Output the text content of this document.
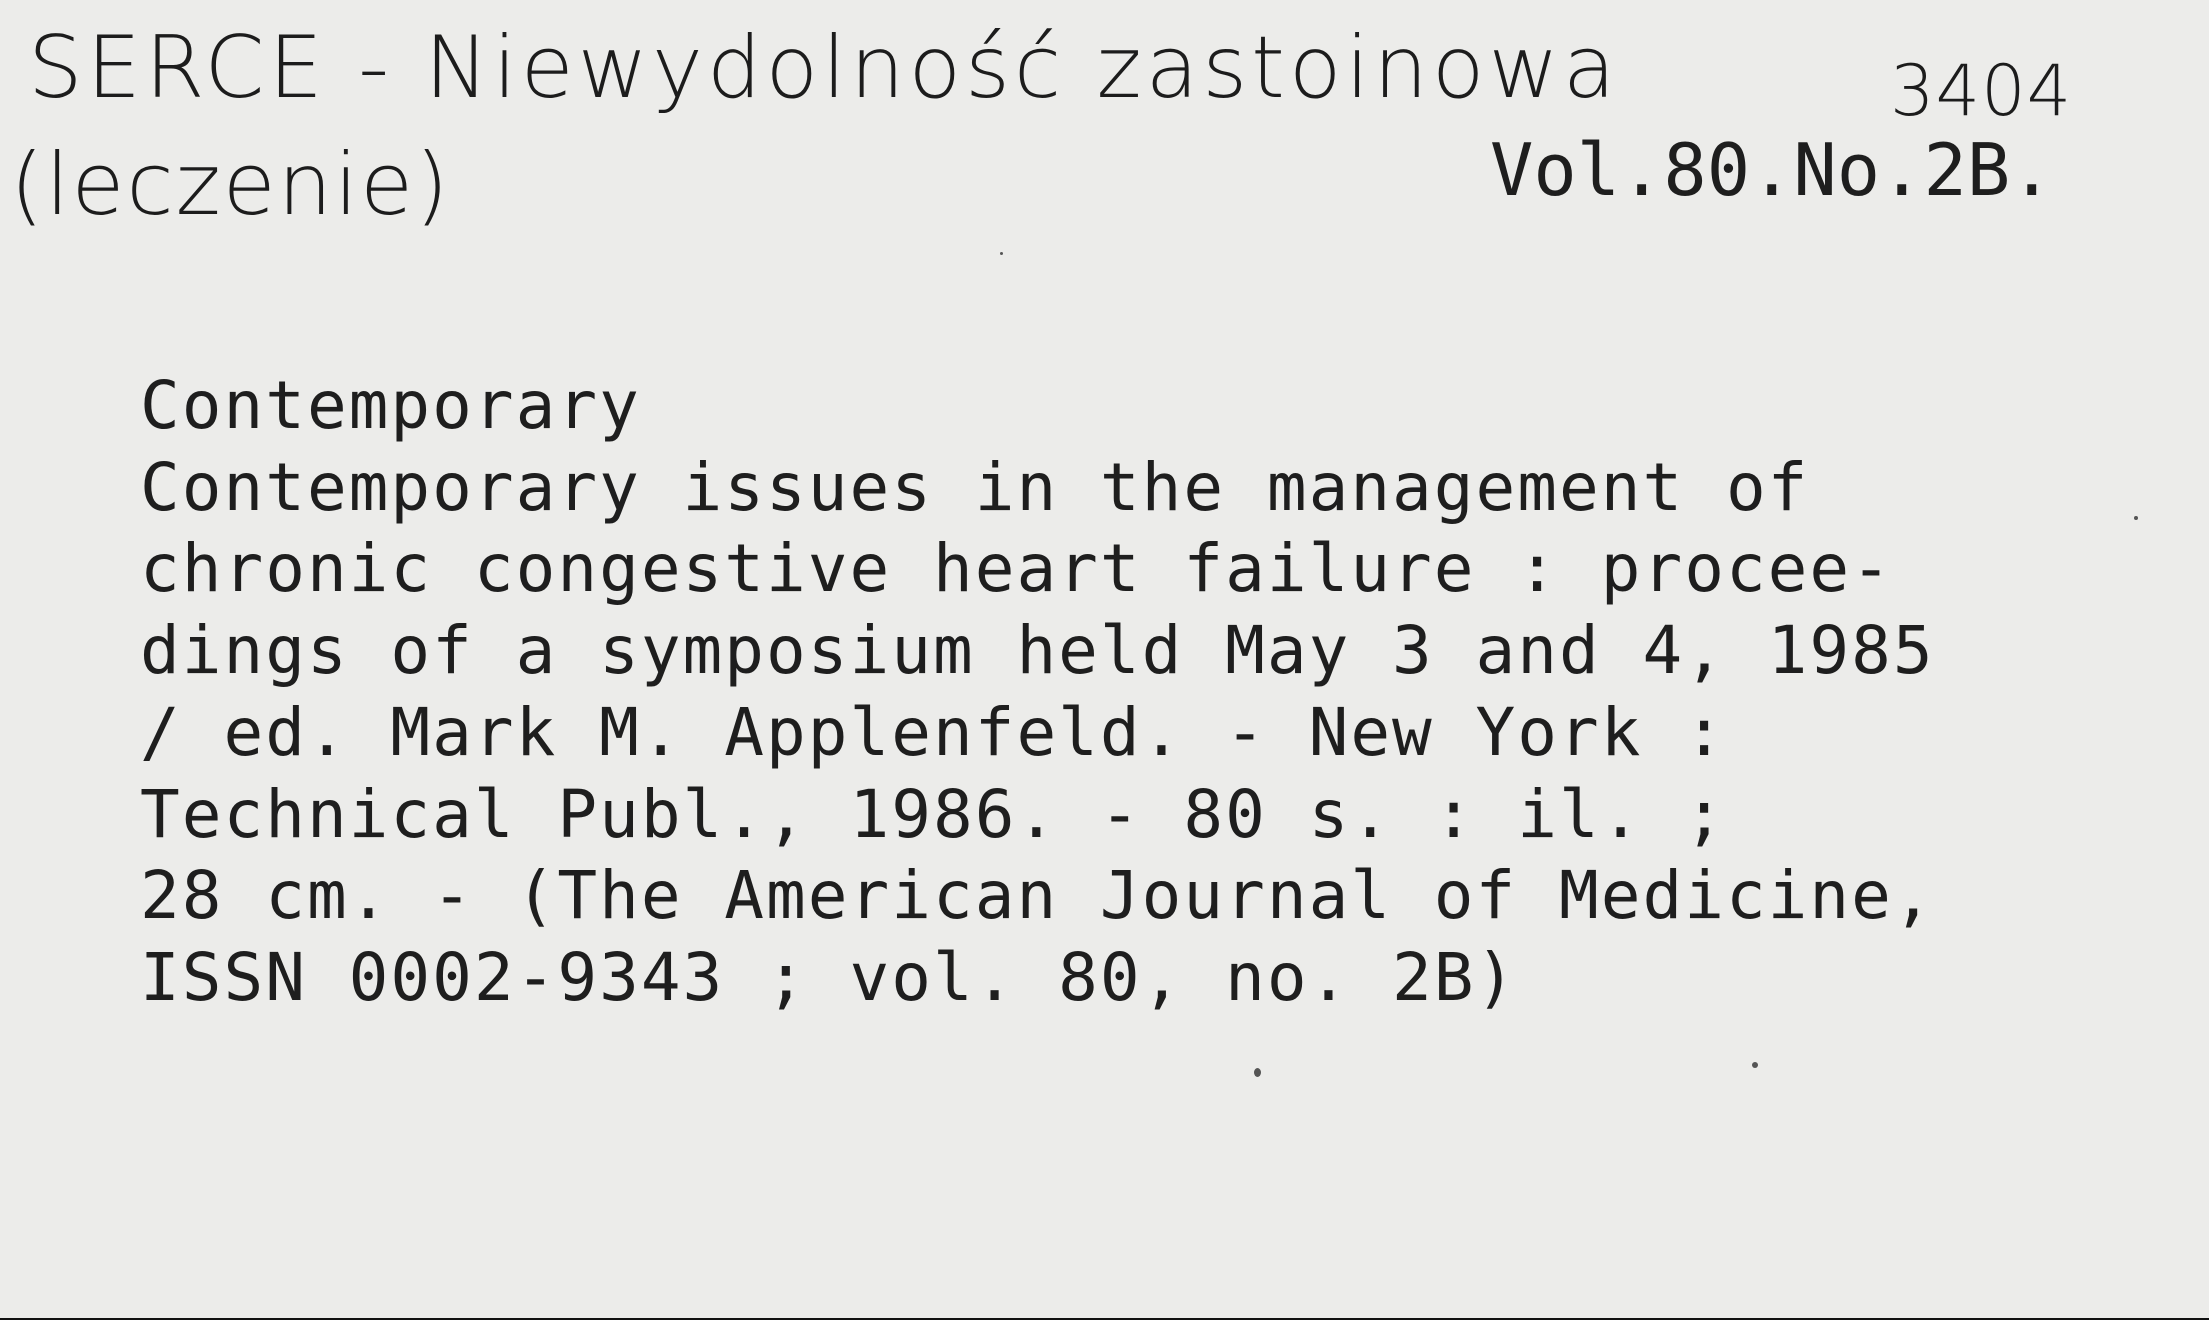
SERCE - Niewydolność zastoinowa
(leczenie)
3404
Vol.80.No.2B.
Contemporary
Contemporary issues in the management of
chronic congestive heart failure : procee-
dings of a symposium held May 3 and 4, 1985
/ ed. Mark M. Applenfeld. - New York :
Technical Publ., 1986. - 80 s. : il. ;
28 cm. - (The American Journal of Medicine,
ISSN 0002-9343 ; vol. 80, no. 2B)
